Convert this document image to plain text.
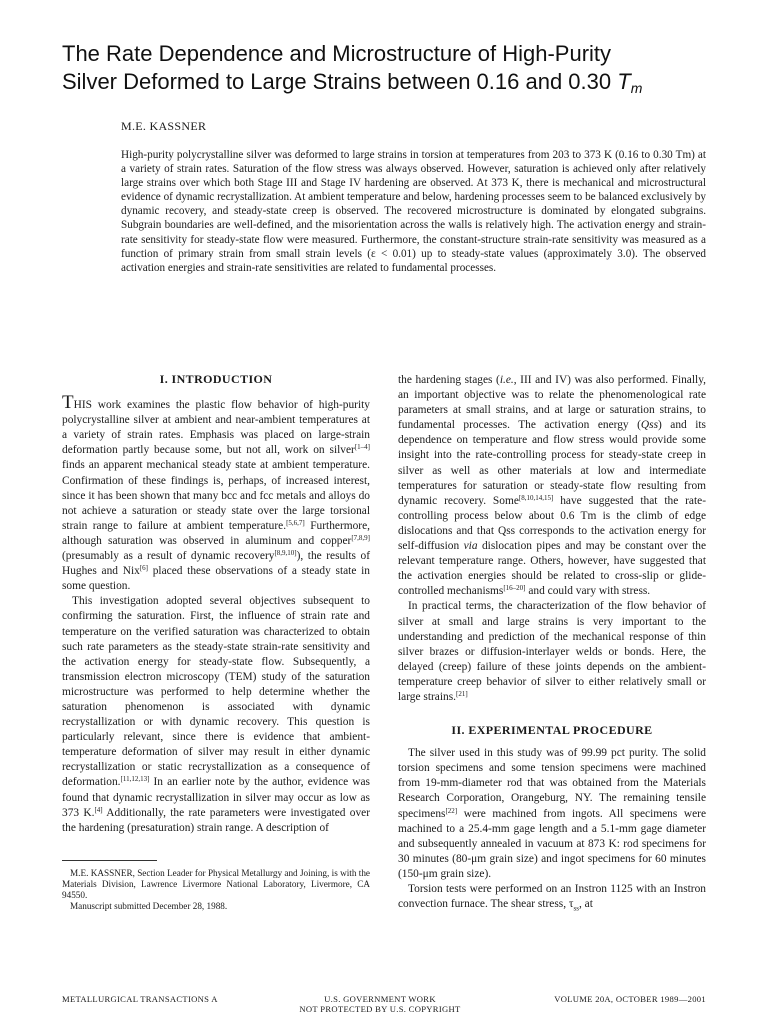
The Rate Dependence and Microstructure of High-Purity
Silver Deformed to Large Strains between 0.16 and 0.30 $T_m$
M.E. KASSNER
High-purity polycrystalline silver was deformed to large strains in torsion at temperatures from 203 to 373 K (0.16 to 0.30 Tm) at a variety of strain rates. Saturation of the flow stress was always observed. However, saturation is achieved only after relatively large strains over which both Stage III and Stage IV hardening are observed. At 373 K, there is mechanical and microstructural evidence of dynamic recrystallization. At ambient temperature and below, hardening processes seem to be balanced exclusively by dynamic recovery, and steady-state creep is observed. The recovered microstructure is dominated by elongated subgrains. Subgrain boundaries are well-defined, and the misorientation across the walls is relatively high. The activation energy and strain-rate sensitivity for steady-state flow were measured. Furthermore, the constant-structure strain-rate sensitivity was measured as a function of primary strain from small strain levels (ε < 0.01) up to steady-state values (approximately 3.0). The observed activation energies and strain-rate sensitivities are related to fundamental processes.
I. INTRODUCTION

THIS work examines the plastic flow behavior of high-purity polycrystalline silver at ambient and near-ambient temperatures at a variety of strain rates. Emphasis was placed on large-strain deformation partly because some, but not all, work on silver[1–4] finds an apparent mechanical steady state at ambient temperature. Confirmation of these findings is, perhaps, of increased interest, since it has been shown that many bcc and fcc metals and alloys do not achieve a saturation or steady state over the large torsional strain range to failure at ambient temperature.[5,6,7] Furthermore, although saturation was observed in aluminum and copper[7,8,9] (presumably as a result of dynamic recovery[8,9,10]), the results of Hughes and Nix[6] placed these observations of a steady state in some question.

This investigation adopted several objectives subsequent to confirming the saturation. First, the influence of strain rate and temperature on the verified saturation was characterized to obtain such rate parameters as the steady-state strain-rate sensitivity and the activation energy for steady-state flow. Subsequently, a transmission electron microscopy (TEM) study of the saturation microstructure was performed to help determine whether the saturation phenomenon is associated with dynamic recrystallization or with dynamic recovery. This question is particularly relevant, since there is evidence that ambient-temperature deformation of silver may result in either dynamic recrystallization or static recrystallization as a consequence of deformation.[11,12,13] In an earlier note by the author, evidence was found that dynamic recrystallization in silver may occur as low as 373 K.[4] Additionally, the rate parameters were investigated over the hardening (presaturation) strain range. A description of

the hardening stages (i.e., III and IV) was also performed. Finally, an important objective was to relate the phenomenological rate parameters at small strains, and at large or saturation strains, to fundamental processes. The activation energy (Qss) and its dependence on temperature and flow stress would provide some insight into the rate-controlling process for steady-state creep in silver as well as other materials at low and intermediate temperatures for saturation or steady-state flow resulting from dynamic recovery. Some[8,10,14,15] have suggested that the rate-controlling process below about 0.6 Tm is the climb of edge dislocations and that Qss corresponds to the activation energy for self-diffusion via dislocation pipes and may be constant over the relevant temperature range. Others, however, have suggested that the activation energies should be related to cross-slip or glide-controlled mechanisms[16–20] and could vary with stress.

In practical terms, the characterization of the flow behavior of silver at small and large strains is very important to the understanding and prediction of the mechanical response of thin silver brazes or diffusion-interlayer welds or bonds. Here, the delayed (creep) failure of these joints depends on the ambient-temperature creep behavior of silver to either relatively small or large strains.[21]

II. EXPERIMENTAL PROCEDURE

The silver used in this study was of 99.99 pct purity. The solid torsion specimens and some tension specimens were machined from 19-mm-diameter rod that was obtained from the Materials Research Corporation, Orangeburg, NY. The remaining tensile specimens[22] were machined from ingots. All specimens were machined to a 25.4-mm gage length and a 5.1-mm gage diameter and subsequently annealed in vacuum at 873 K: rod specimens for 30 minutes (80-μm grain size) and ingot specimens for 60 minutes (150-μm grain size).

Torsion tests were performed on an Instron 1125 with an Instron convection furnace. The shear stress, $\tau_{ss}$, at

M.E. KASSNER, Section Leader for Physical Metallurgy and Joining, is with the Materials Division, Lawrence Livermore National Laboratory, Livermore, CA 94550.

Manuscript submitted December 28, 1988.

METALLURGICAL TRANSACTIONS A	U.S. GOVERNMENT WORK
NOT PROTECTED BY U.S. COPYRIGHT
VOLUME 20A, OCTOBER 1989—2001
